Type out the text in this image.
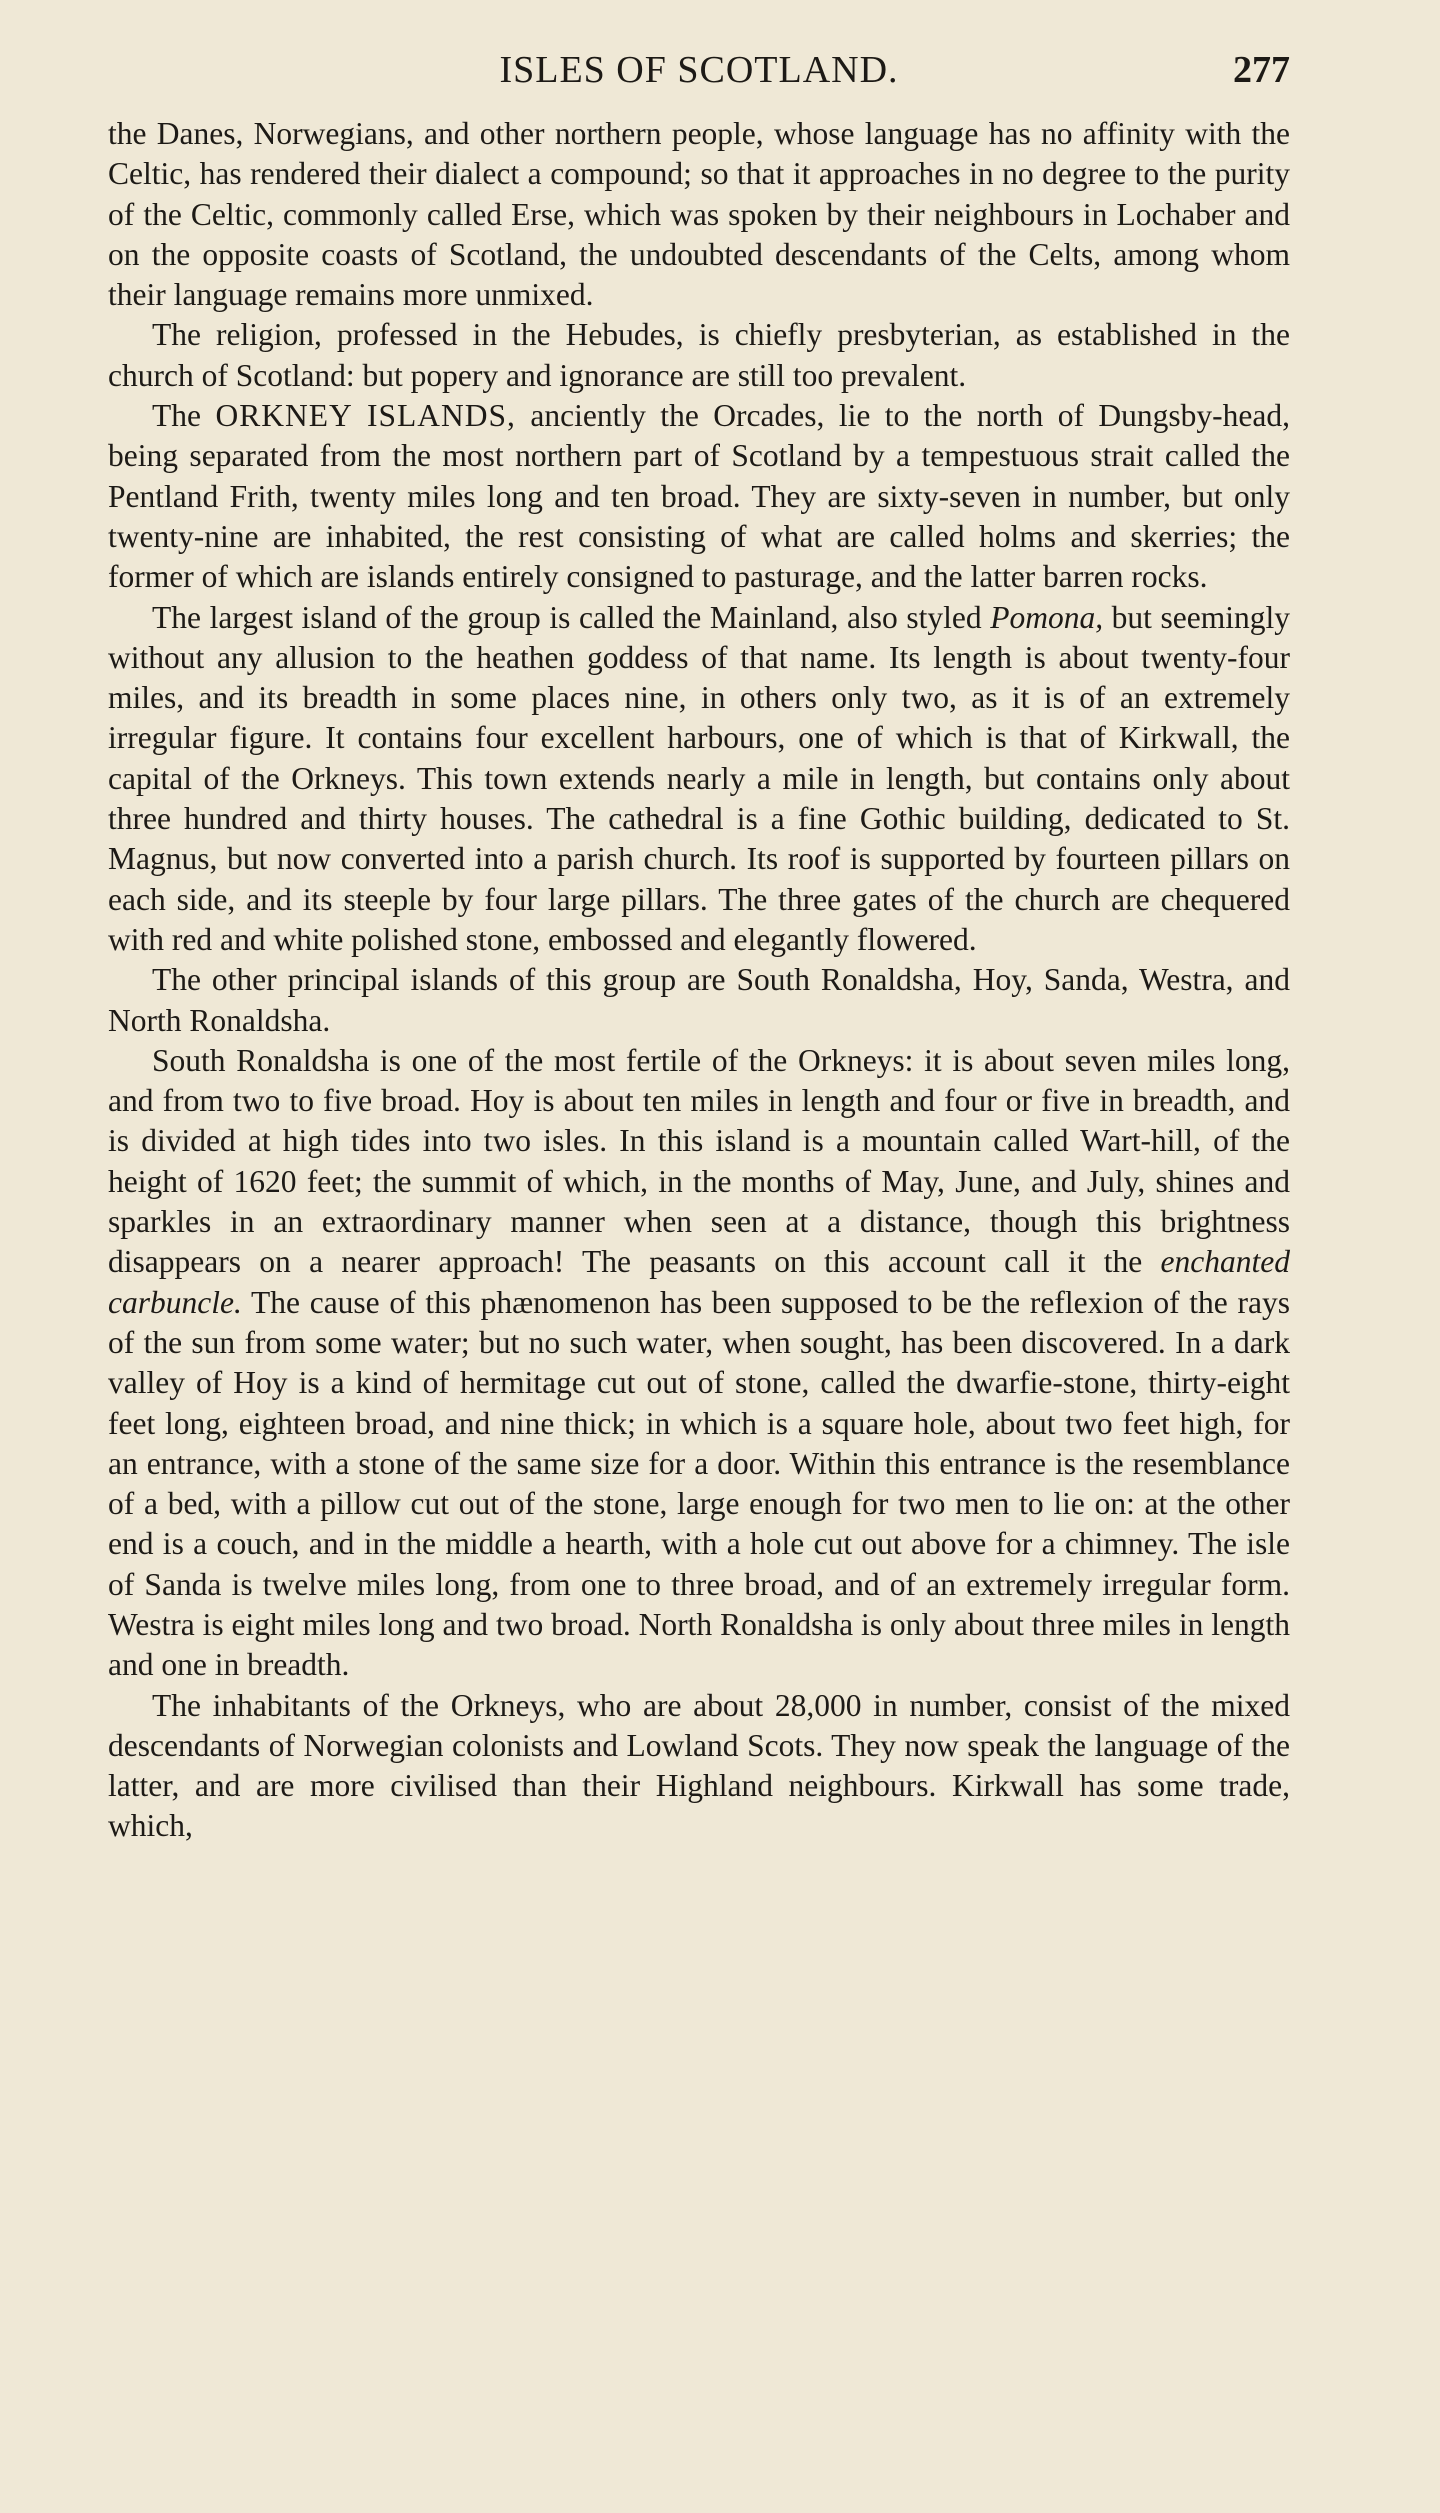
ISLES OF SCOTLAND.	277

the Danes, Norwegians, and other northern people, whose language has no affinity with the Celtic, has rendered their dialect a compound; so that it approaches in no degree to the purity of the Celtic, commonly called Erse, which was spoken by their neighbours in Lochaber and on the opposite coasts of Scotland, the undoubted descendants of the Celts, among whom their language remains more unmixed.

The religion, professed in the Hebudes, is chiefly presbyterian, as established in the church of Scotland: but popery and ignorance are still too prevalent.

The ORKNEY ISLANDS, anciently the Orcades, lie to the north of Dungsby-head, being separated from the most northern part of Scotland by a tempestuous strait called the Pentland Frith, twenty miles long and ten broad. They are sixty-seven in number, but only twenty-nine are inhabited, the rest consisting of what are called holms and skerries; the former of which are islands entirely consigned to pasturage, and the latter barren rocks.

The largest island of the group is called the Mainland, also styled Pomona, but seemingly without any allusion to the heathen goddess of that name. Its length is about twenty-four miles, and its breadth in some places nine, in others only two, as it is of an extremely irregular figure. It contains four excellent harbours, one of which is that of Kirkwall, the capital of the Orkneys. This town extends nearly a mile in length, but contains only about three hundred and thirty houses. The cathedral is a fine Gothic building, dedicated to St. Magnus, but now converted into a parish church. Its roof is supported by fourteen pillars on each side, and its steeple by four large pillars. The three gates of the church are chequered with red and white polished stone, embossed and elegantly flowered.

The other principal islands of this group are South Ronaldsha, Hoy, Sanda, Westra, and North Ronaldsha.

South Ronaldsha is one of the most fertile of the Orkneys: it is about seven miles long, and from two to five broad. Hoy is about ten miles in length and four or five in breadth, and is divided at high tides into two isles. In this island is a mountain called Wart-hill, of the height of 1620 feet; the summit of which, in the months of May, June, and July, shines and sparkles in an extraordinary manner when seen at a distance, though this brightness disappears on a nearer approach! The peasants on this account call it the enchanted carbuncle. The cause of this phænomenon has been supposed to be the reflexion of the rays of the sun from some water; but no such water, when sought, has been discovered. In a dark valley of Hoy is a kind of hermitage cut out of stone, called the dwarfie-stone, thirty-eight feet long, eighteen broad, and nine thick; in which is a square hole, about two feet high, for an entrance, with a stone of the same size for a door. Within this entrance is the resemblance of a bed, with a pillow cut out of the stone, large enough for two men to lie on: at the other end is a couch, and in the middle a hearth, with a hole cut out above for a chimney. The isle of Sanda is twelve miles long, from one to three broad, and of an extremely irregular form. Westra is eight miles long and two broad. North Ronaldsha is only about three miles in length and one in breadth.

The inhabitants of the Orkneys, who are about 28,000 in number, consist of the mixed descendants of Norwegian colonists and Lowland Scots. They now speak the language of the latter, and are more civilised than their Highland neighbours. Kirkwall has some trade, which,
